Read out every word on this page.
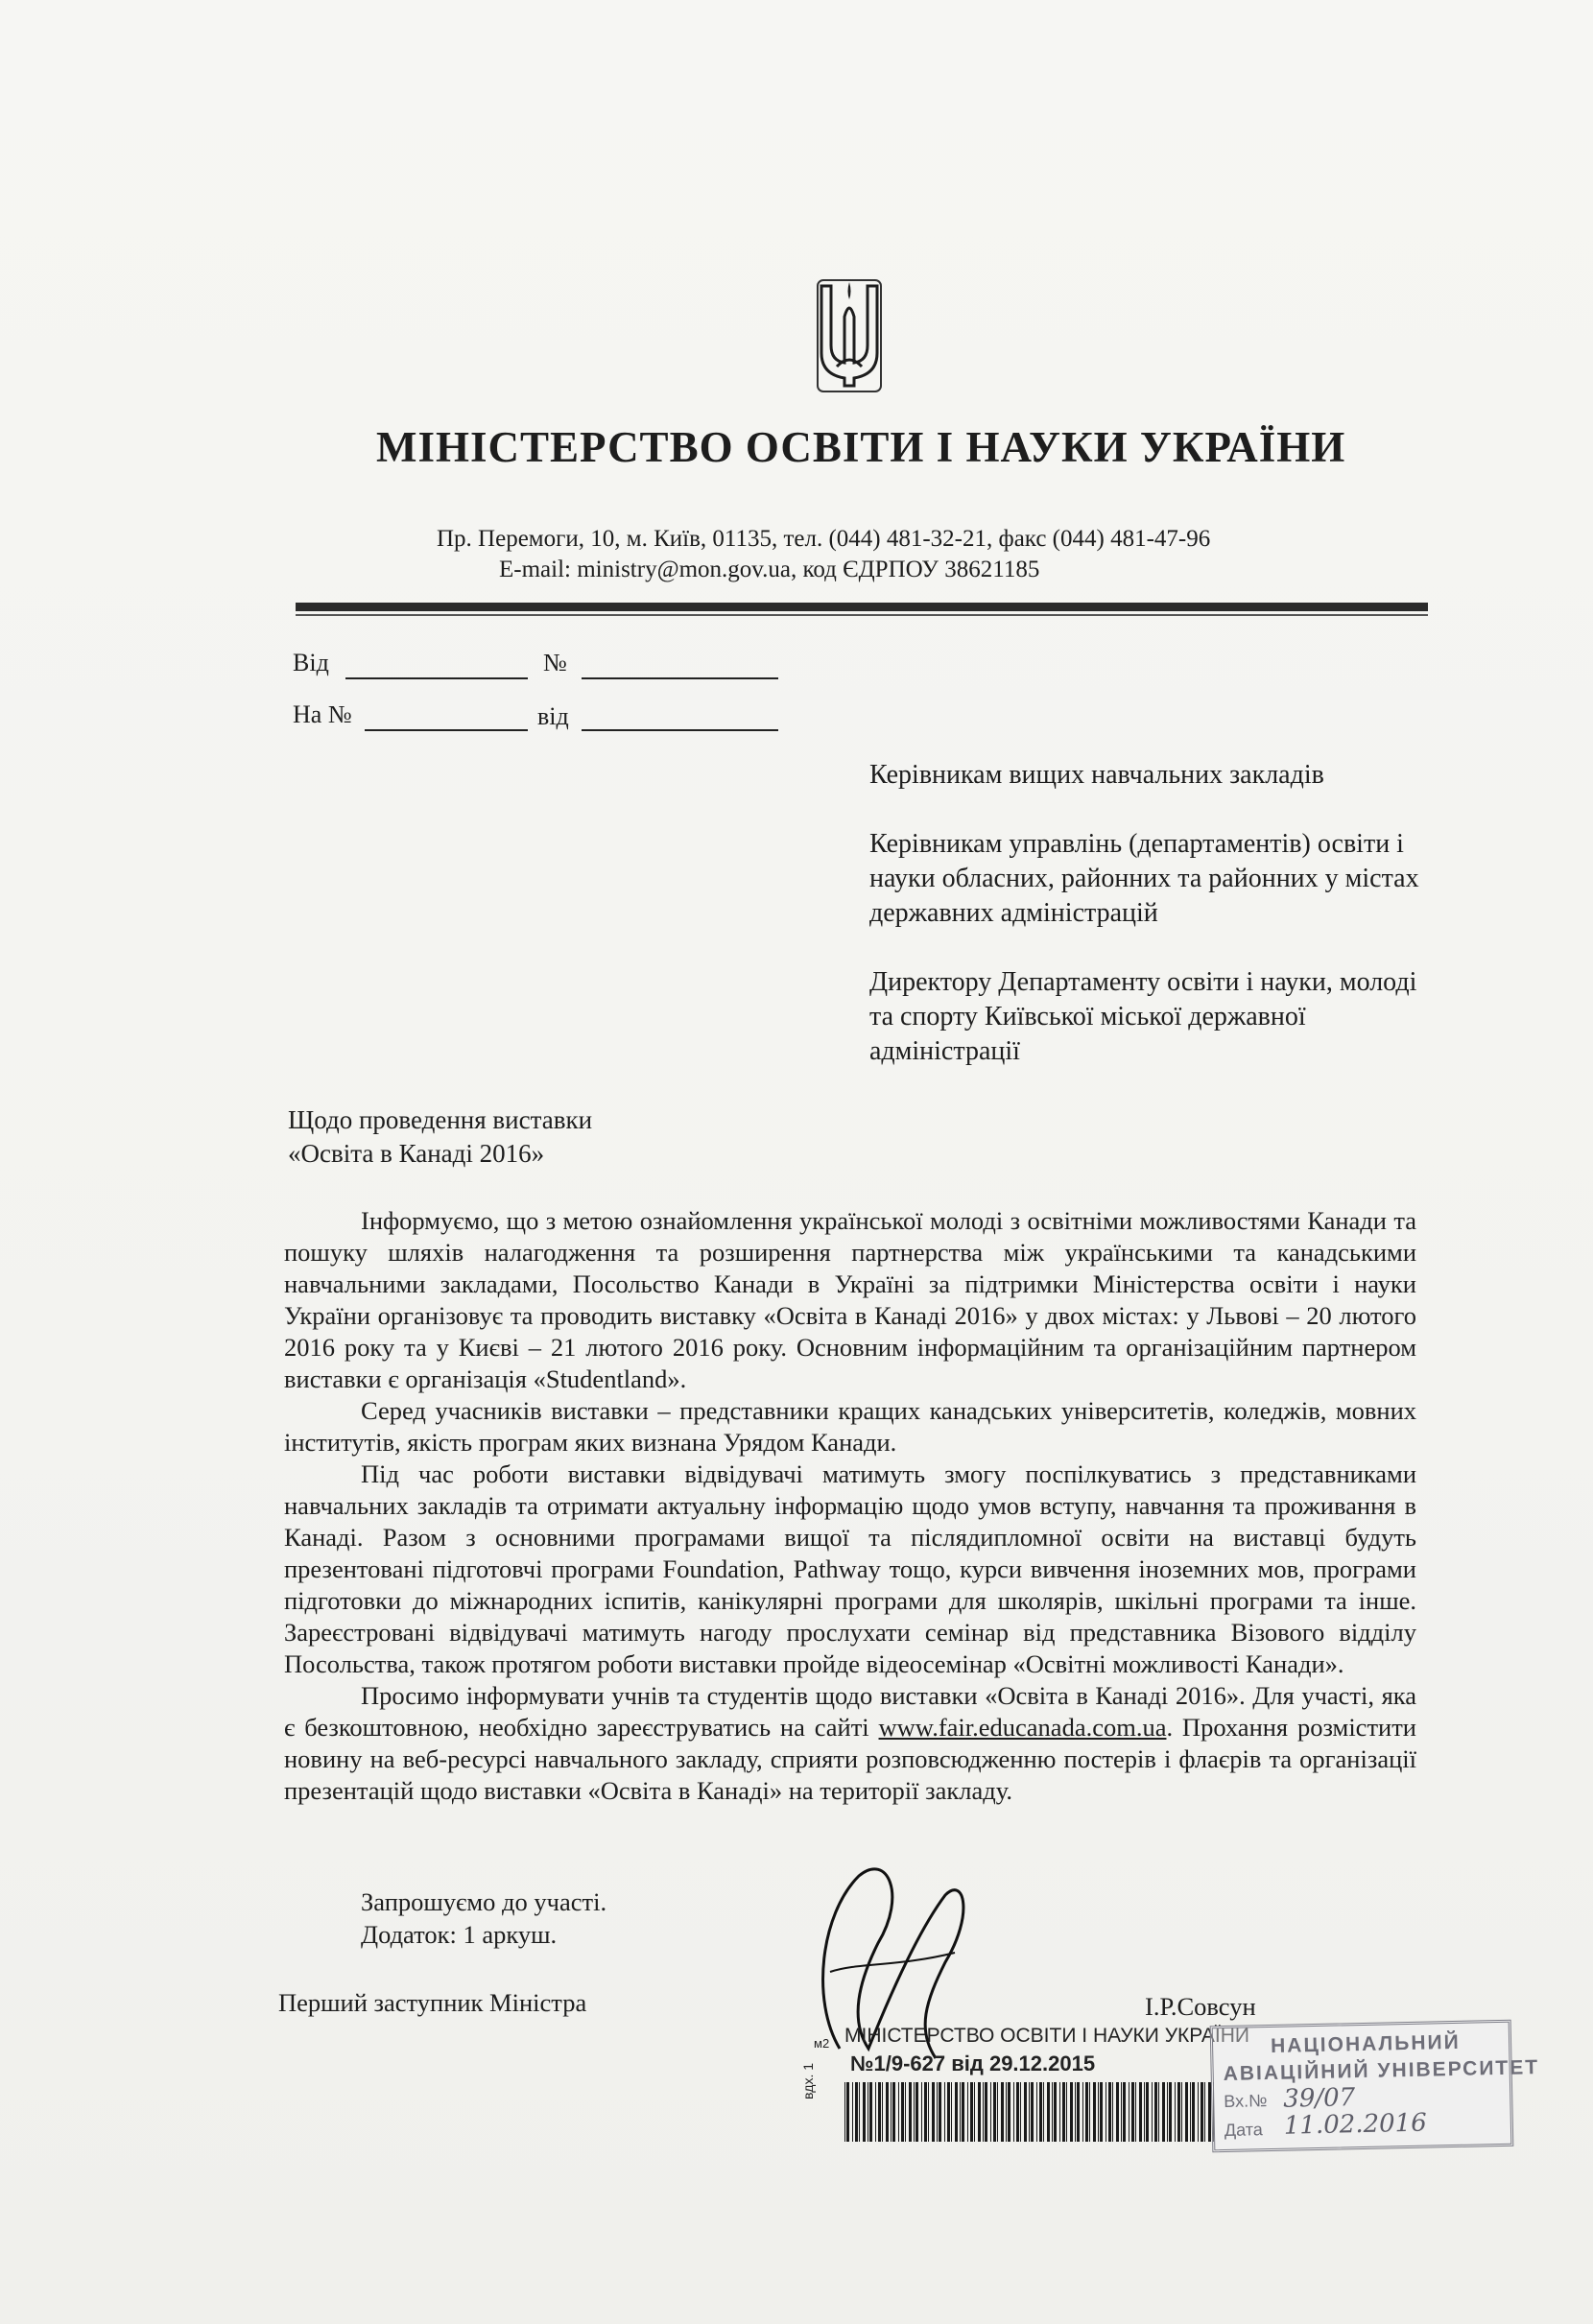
МІНІСТЕРСТВО ОСВІТИ І НАУКИ УКРАЇНИ
Пр. Перемоги, 10, м. Київ, 01135, тел. (044) 481-32-21, факс (044) 481-47-96
E-mail: ministry@mon.gov.ua, код ЄДРПОУ 38621185
Від	№
На №	від

Керівникам вищих навчальних закладів

Керівникам управлінь (департаментів) освіти і науки обласних, районних та районних у містах державних адміністрацій

Директору Департаменту освіти і науки, молоді та спорту Київської міської державної адміністрації

Щодо проведення виставки
«Освіта в Канаді 2016»

Інформуємо, що з метою ознайомлення української молоді з освітніми можливостями Канади та пошуку шляхів налагодження та розширення партнерства між українськими та канадськими навчальними закладами, Посольство Канади в Україні за підтримки Міністерства освіти і науки України організовує та проводить виставку «Освіта в Канаді 2016» у двох містах: у Львові – 20 лютого 2016 року та у Києві – 21 лютого 2016 року. Основним інформаційним та організаційним партнером виставки є організація «Studentland».

Серед учасників виставки – представники кращих канадських університетів, коледжів, мовних інститутів, якість програм яких визнана Урядом Канади.

Під час роботи виставки відвідувачі матимуть змогу поспілкуватись з представниками навчальних закладів та отримати актуальну інформацію щодо умов вступу, навчання та проживання в Канаді. Разом з основними програмами вищої та післядипломної освіти на виставці будуть презентовані підготовчі програми Foundation, Pathway тощо, курси вивчення іноземних мов, програми підготовки до міжнародних іспитів, канікулярні програми для школярів, шкільні програми та інше. Зареєстровані відвідувачі матимуть нагоду прослухати семінар від представника Візового відділу Посольства, також протягом роботи виставки пройде відеосемінар «Освітні можливості Канади».

Просимо інформувати учнів та студентів щодо виставки «Освіта в Канаді 2016». Для участі, яка є безкоштовною, необхідно зареєструватись на сайті www.fair.educanada.com.ua. Прохання розмістити новину на веб-ресурсі навчального закладу, сприяти розповсюдженню постерів і флаєрів та організації презентацій щодо виставки «Освіта в Канаді» на території закладу.

Запрошуємо до участі.
Додаток: 1 аркуш.
Перший заступник Міністра	І.Р.Совсун
м2 МІНІСТЕРСТВО ОСВІТИ І НАУКИ УКРАЇНИ
№1/9-627 від 29.12.2015
вдх. 1
НАЦІОНАЛЬНИЙ
АВІАЦІЙНИЙ УНІВЕРСИТЕТ
Вх.№ 39/07
Дата 11.02.2016
